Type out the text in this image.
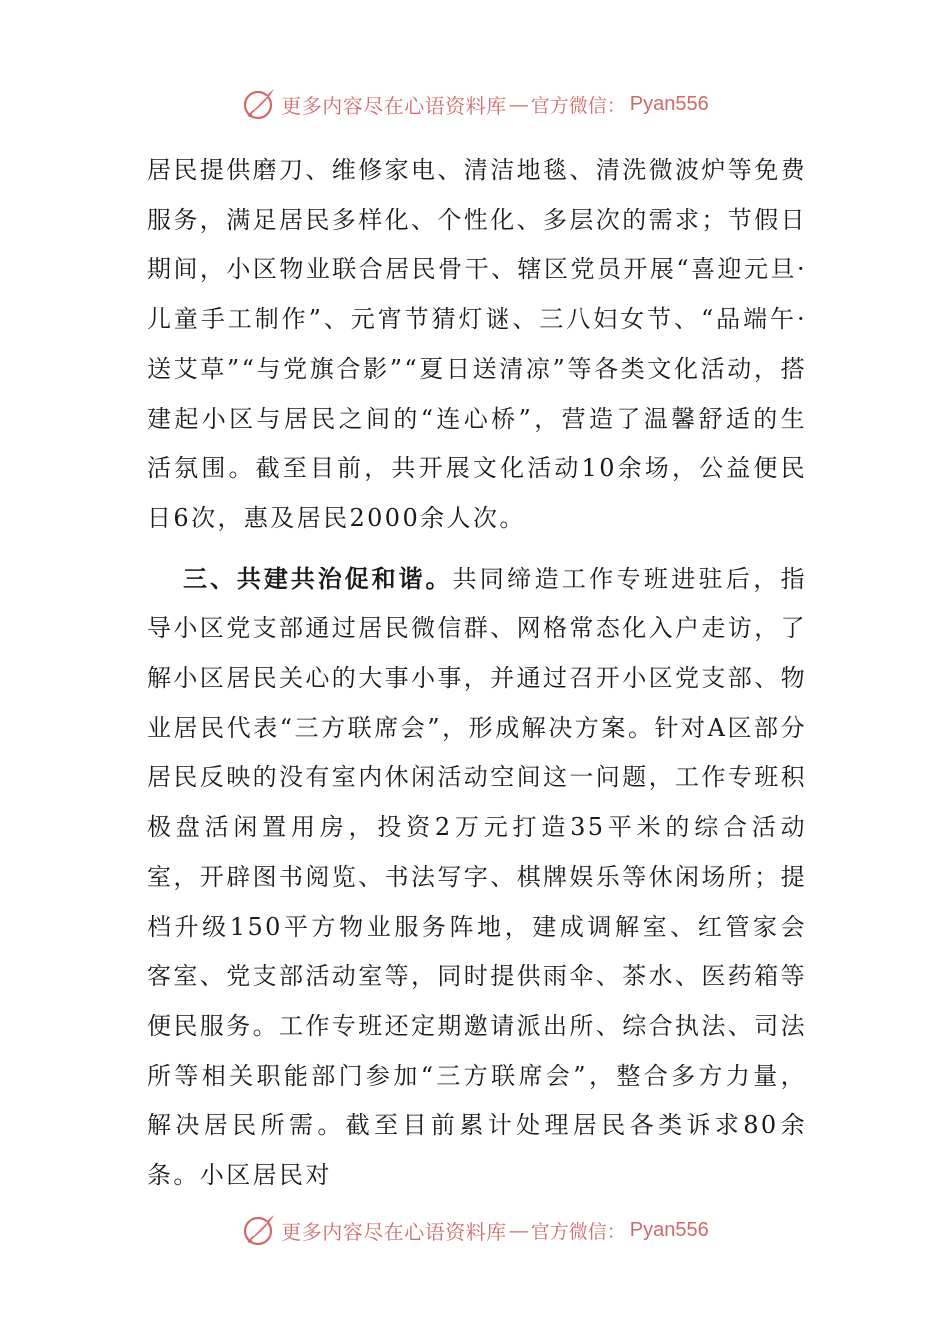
更多内容尽在心语资料库 — 官方微信： Pyan556

居民提供磨刀、维修家电、清洁地毯、清洗微波炉等免费服务，满足居民多样化、个性化、多层次的需求；节假日期间，小区物业联合居民骨干、辖区党员开展“喜迎元旦·儿童手工制作”、元宵节猜灯谜、三八妇女节、“品端午·送艾草”“与党旗合影”“夏日送清凉”等各类文化活动，搭建起小区与居民之间的“连心桥”，营造了温馨舒适的生活氛围。截至目前，共开展文化活动10余场，公益便民日6次，惠及居民2000余人次。

三、共建共治促和谐。共同缔造工作专班进驻后，指导小区党支部通过居民微信群、网格常态化入户走访，了解小区居民关心的大事小事，并通过召开小区党支部、物业居民代表“三方联席会”，形成解决方案。针对A区部分居民反映的没有室内休闲活动空间这一问题，工作专班积极盘活闲置用房，投资2万元打造35平米的综合活动室，开辟图书阅览、书法写字、棋牌娱乐等休闲场所；提档升级150平方物业服务阵地，建成调解室、红管家会客室、党支部活动室等，同时提供雨伞、茶水、医药箱等便民服务。工作专班还定期邀请派出所、综合执法、司法所等相关职能部门参加“三方联席会”，整合多方力量，解决居民所需。截至目前累计处理居民各类诉求80余条。小区居民对

更多内容尽在心语资料库 — 官方微信： Pyan556
